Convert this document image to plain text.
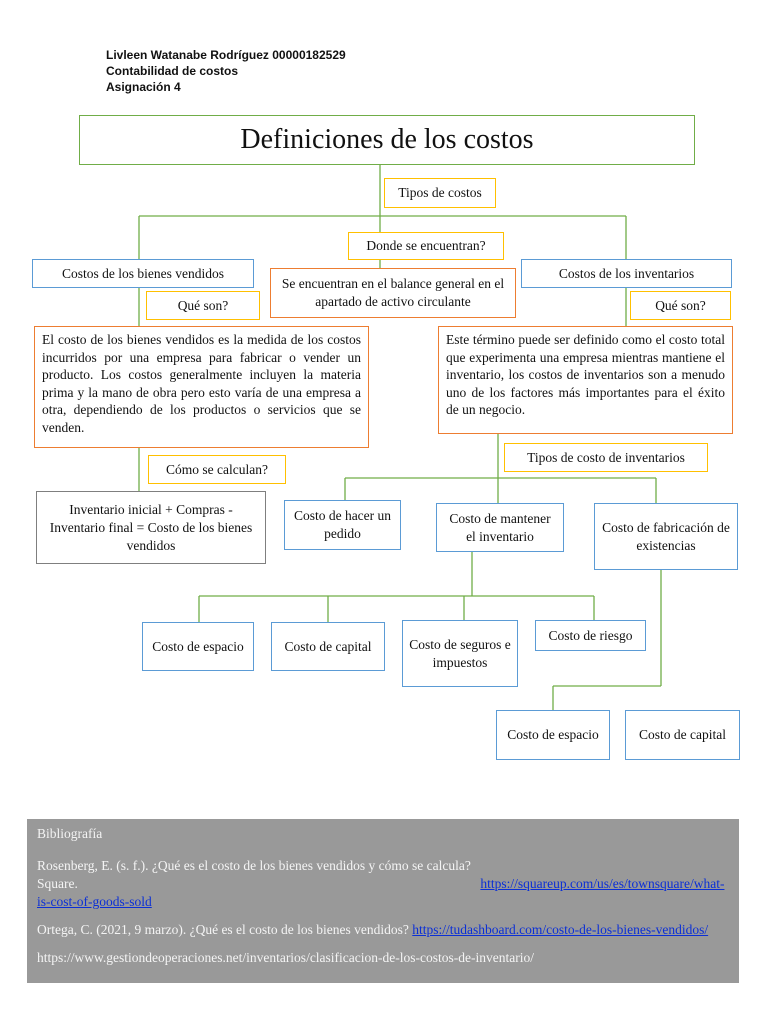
Livleen Watanabe Rodríguez 00000182529
Contabilidad de costos
Asignación 4
Definiciones de los costos
Tipos de costos
Donde se encuentran?
Se encuentran en el balance general en el apartado de activo circulante
Costos de los bienes vendidos
Qué son?
El costo de los bienes vendidos es la medida de los costos incurridos por una empresa para fabricar o vender un producto. Los costos generalmente incluyen la materia prima y la mano de obra pero esto varía de una empresa a otra, dependiendo de los productos o servicios que se venden.
Cómo se calculan?
Inventario inicial + Compras - Inventario final = Costo de los bienes vendidos
Costos de los inventarios
Qué son?
Este término puede ser definido como el costo total que experimenta una empresa mientras mantiene el inventario, los costos de inventarios son a menudo uno de los factores más importantes para el éxito de un negocio.
Tipos de costo de inventarios
Costo de hacer un pedido
Costo de mantener el inventario
Costo de fabricación de existencias
Costo de espacio	Costo de capital	Costo de seguros e impuestos
Costo de riesgo
Costo de espacio	Costo de capital

Bibliografía

Rosenberg, E. (s. f.). ¿Qué es el costo de los bienes vendidos y cómo se calcula? Square.	https://squareup.com/us/es/townsquare/what-is-cost-of-goods-sold

Ortega, C. (2021, 9 marzo). ¿Qué es el costo de los bienes vendidos? https://tudashboard.com/costo-de-los-bienes-vendidos/

https://www.gestiondeoperaciones.net/inventarios/clasificacion-de-los-costos-de-inventario/
